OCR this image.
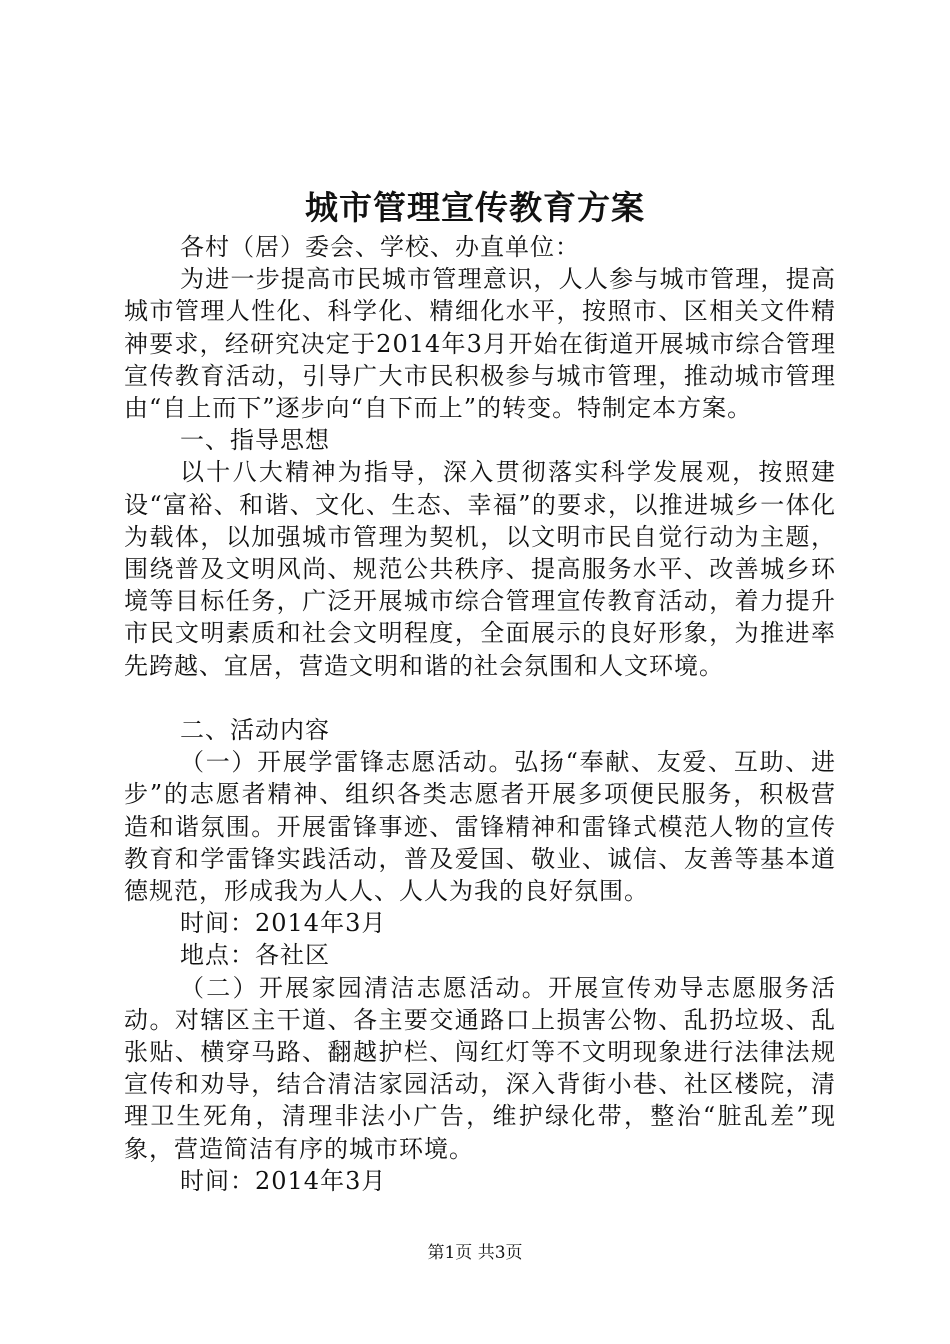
城市管理宣传教育方案

各村（居）委会、学校、办直单位：

为进一步提高市民城市管理意识，人人参与城市管理，提高城市管理人性化、科学化、精细化水平，按照市、区相关文件精神要求，经研究决定于2014年3月开始在街道开展城市综合管理宣传教育活动，引导广大市民积极参与城市管理，推动城市管理由“自上而下”逐步向“自下而上”的转变。特制定本方案。

一、指导思想

以十八大精神为指导，深入贯彻落实科学发展观，按照建设“富裕、和谐、文化、生态、幸福”的要求，以推进城乡一体化为载体，以加强城市管理为契机，以文明市民自觉行动为主题，围绕普及文明风尚、规范公共秩序、提高服务水平、改善城乡环境等目标任务，广泛开展城市综合管理宣传教育活动，着力提升市民文明素质和社会文明程度，全面展示的良好形象，为推进率先跨越、宜居，营造文明和谐的社会氛围和人文环境。

二、活动内容

（一）开展学雷锋志愿活动。弘扬“奉献、友爱、互助、进步”的志愿者精神、组织各类志愿者开展多项便民服务，积极营造和谐氛围。开展雷锋事迹、雷锋精神和雷锋式模范人物的宣传教育和学雷锋实践活动，普及爱国、敬业、诚信、友善等基本道德规范，形成我为人人、人人为我的良好氛围。

时间：2014年3月

地点：各社区

（二）开展家园清洁志愿活动。开展宣传劝导志愿服务活动。对辖区主干道、各主要交通路口上损害公物、乱扔垃圾、乱张贴、横穿马路、翻越护栏、闯红灯等不文明现象进行法律法规宣传和劝导，结合清洁家园活动，深入背街小巷、社区楼院，清理卫生死角，清理非法小广告，维护绿化带，整治“脏乱差”现象，营造简洁有序的城市环境。

时间：2014年3月

第1页 共3页
